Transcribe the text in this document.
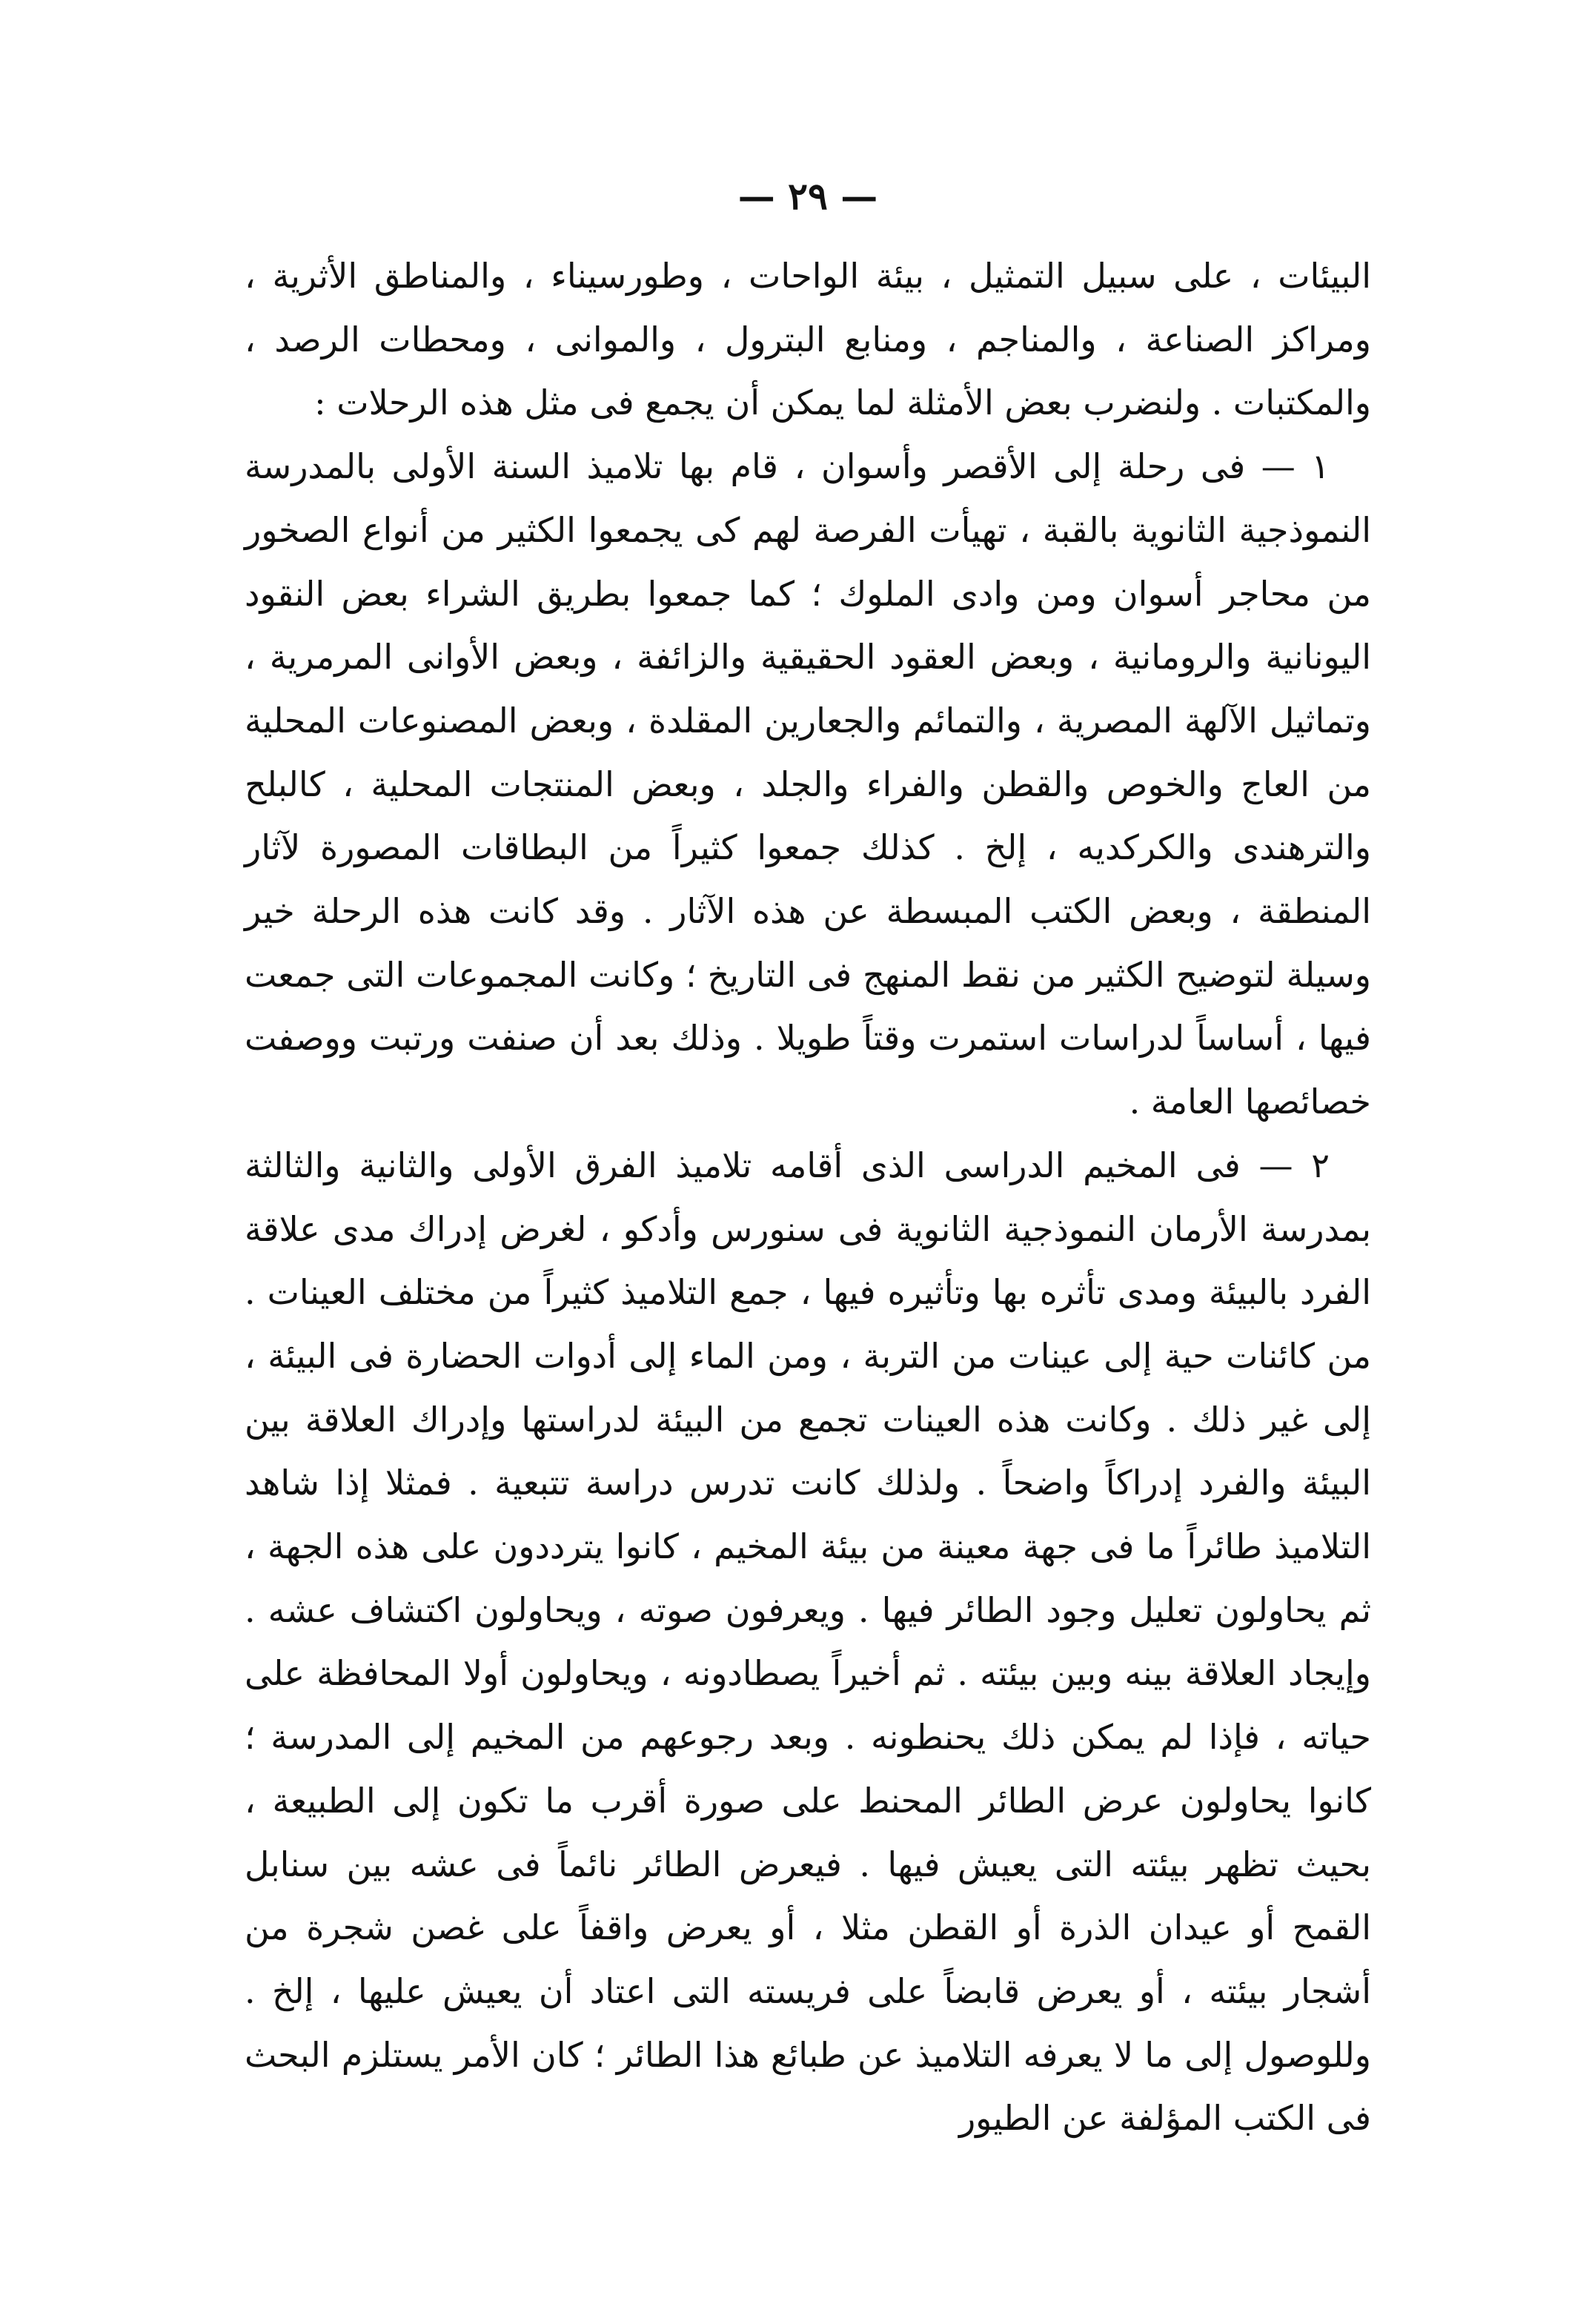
— ٢٩ —

البيئات ، على سبيل التمثيل ، بيئة الواحات ، وطورسيناء ، والمناطق الأثرية ، ومراكز الصناعة ، والمناجم ، ومنابع البترول ، والموانى ، ومحطات الرصد ، والمكتبات . ولنضرب بعض الأمثلة لما يمكن أن يجمع فى مثل هذه الرحلات :

١ — فى رحلة إلى الأقصر وأسوان ، قام بها تلاميذ السنة الأولى بالمدرسة النموذجية الثانوية بالقبة ، تهيأت الفرصة لهم كى يجمعوا الكثير من أنواع الصخور من محاجر أسوان ومن وادى الملوك ؛ كما جمعوا بطريق الشراء بعض النقود اليونانية والرومانية ، وبعض العقود الحقيقية والزائفة ، وبعض الأوانى المرمرية ، وتماثيل الآلهة المصرية ، والتمائم والجعارين المقلدة ، وبعض المصنوعات المحلية من العاج والخوص والقطن والفراء والجلد ، وبعض المنتجات المحلية ، كالبلح والترهندى والكركديه ، إلخ . كذلك جمعوا كثيراً من البطاقات المصورة لآثار المنطقة ، وبعض الكتب المبسطة عن هذه الآثار . وقد كانت هذه الرحلة خير وسيلة لتوضيح الكثير من نقط المنهج فى التاريخ ؛ وكانت المجموعات التى جمعت فيها ، أساساً لدراسات استمرت وقتاً طويلا . وذلك بعد أن صنفت ورتبت ووصفت خصائصها العامة .

٢ — فى المخيم الدراسى الذى أقامه تلاميذ الفرق الأولى والثانية والثالثة بمدرسة الأرمان النموذجية الثانوية فى سنورس وأدكو ، لغرض إدراك مدى علاقة الفرد بالبيئة ومدى تأثره بها وتأثيره فيها ، جمع التلاميذ كثيراً من مختلف العينات . من كائنات حية إلى عينات من التربة ، ومن الماء إلى أدوات الحضارة فى البيئة ، إلى غير ذلك . وكانت هذه العينات تجمع من البيئة لدراستها وإدراك العلاقة بين البيئة والفرد إدراكاً واضحاً . ولذلك كانت تدرس دراسة تتبعية . فمثلا إذا شاهد التلاميذ طائراً ما فى جهة معينة من بيئة المخيم ، كانوا يترددون على هذه الجهة ، ثم يحاولون تعليل وجود الطائر فيها . ويعرفون صوته ، ويحاولون اكتشاف عشه . وإيجاد العلاقة بينه وبين بيئته . ثم أخيراً يصطادونه ، ويحاولون أولا المحافظة على حياته ، فإذا لم يمكن ذلك يحنطونه . وبعد رجوعهم من المخيم إلى المدرسة ؛ كانوا يحاولون عرض الطائر المحنط على صورة أقرب ما تكون إلى الطبيعة ، بحيث تظهر بيئته التى يعيش فيها . فيعرض الطائر نائماً فى عشه بين سنابل القمح أو عيدان الذرة أو القطن مثلا ، أو يعرض واقفاً على غصن شجرة من أشجار بيئته ، أو يعرض قابضاً على فريسته التى اعتاد أن يعيش عليها ، إلخ . وللوصول إلى ما لا يعرفه التلاميذ عن طبائع هذا الطائر ؛ كان الأمر يستلزم البحث فى الكتب المؤلفة عن الطيور
